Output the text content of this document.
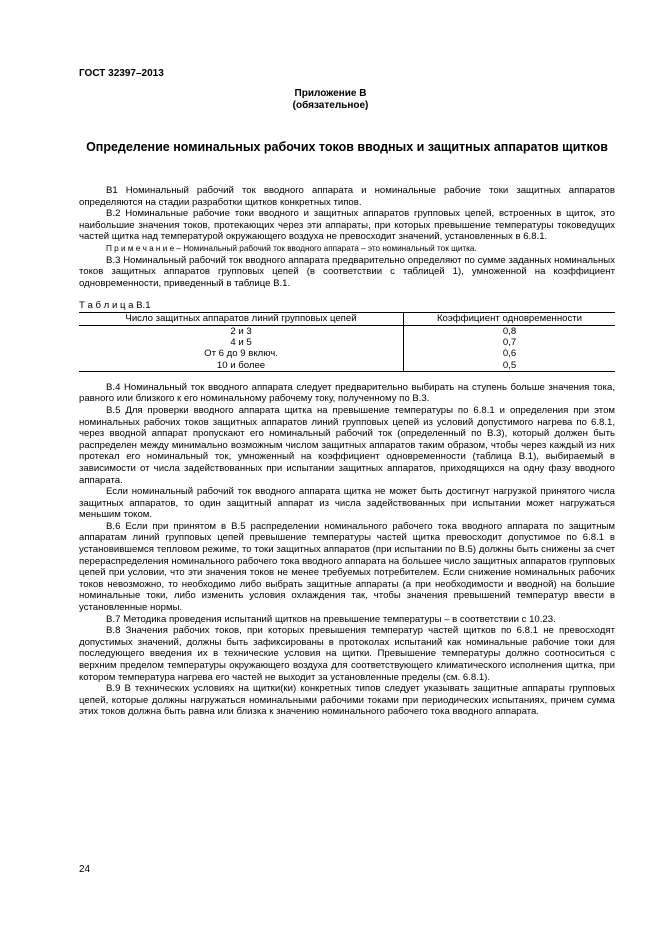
ГОСТ 32397–2013
Приложение В
(обязательное)
Определение номинальных рабочих токов вводных и защитных аппаратов щитков

В1 Номинальный рабочий ток вводного аппарата и номинальные рабочие токи защитных аппаратов определяются на стадии разработки щитков конкретных типов.

В.2 Номинальные рабочие токи вводного и защитных аппаратов групповых цепей, встроенных в щиток, это наибольшие значения токов, протекающих через эти аппараты, при которых превышение температуры токоведущих частей щитка над температурой окружающего воздуха не превосходит значений, установленных в 6.8.1.

П р и м е ч а н и е – Номинальный рабочий ток вводного аппарата – это номинальный ток щитка.

В.3 Номинальный рабочий ток вводного аппарата предварительно определяют по сумме заданных номинальных токов защитных аппаратов групповых цепей (в соответствии с таблицей 1), умноженной на коэффициент одновременности, приведенный в таблице В.1.

Т а б л и ц а В.1
Число защитных аппаратов линий групповых цепей	Коэффициент одновременности
2 и 3	0,8
4 и 5	0,7
От 6 до 9 включ.	0,6
10 и более	0,5

В.4 Номинальный ток вводного аппарата следует предварительно выбирать на ступень больше значения тока, равного или близкого к его номинальному рабочему току, полученному по В.3.

В.5 Для проверки вводного аппарата щитка на превышение температуры по 6.8.1 и определения при этом номинальных рабочих токов защитных аппаратов линий групповых цепей из условий допустимого нагрева по 6.8.1, через вводной аппарат пропускают его номинальный рабочий ток (определенный по В.3), который должен быть распределен между минимально возможным числом защитных аппаратов таким образом, чтобы через каждый из них протекал его номинальный ток, умноженный на коэффициент одновременности (таблица В.1), выбираемый в зависимости от числа задействованных при испытании защитных аппаратов, приходящихся на одну фазу вводного аппарата.

Если номинальный рабочий ток вводного аппарата щитка не может быть достигнут нагрузкой принятого числа защитных аппаратов, то один защитный аппарат из числа задействованных при испытании может нагружаться меньшим током.

В.6 Если при принятом в В.5 распределении номинального рабочего тока вводного аппарата по защитным аппаратам линий групповых цепей превышение температуры частей щитка превосходит допустимое по 6.8.1 в установившемся тепловом режиме, то токи защитных аппаратов (при испытании по В.5) должны быть снижены за счет перераспределения номинального рабочего тока вводного аппарата на большее число защитных аппаратов групповых цепей при условии, что эти значения токов не менее требуемых потребителем. Если снижение номинальных рабочих токов невозможно, то необходимо либо выбрать защитные аппараты (а при необходимости и вводной) на большие номинальные токи, либо изменить условия охлаждения так, чтобы значения превышений температур ввести в установленные нормы.

В.7 Методика проведения испытаний щитков на превышение температуры – в соответствии с 10.23.

В.8 Значения рабочих токов, при которых превышения температур частей щитков по 6.8.1 не превосходят допустимых значений, должны быть зафиксированы в протоколах испытаний как номинальные рабочие токи для последующего введения их в технические условия на щитки. Превышение температуры должно соотноситься с верхним пределом температуры окружающего воздуха для соответствующего климатического исполнения щитка, при котором температура нагрева его частей не выходит за установленные пределы (см. 6.8.1).

В.9 В технических условиях на щитки(ки) конкретных типов следует указывать защитные аппараты групповых цепей, которые должны нагружаться номинальными рабочими токами при периодических испытаниях, причем сумма этих токов должна быть равна или близка к значению номинального рабочего тока вводного аппарата.

24
